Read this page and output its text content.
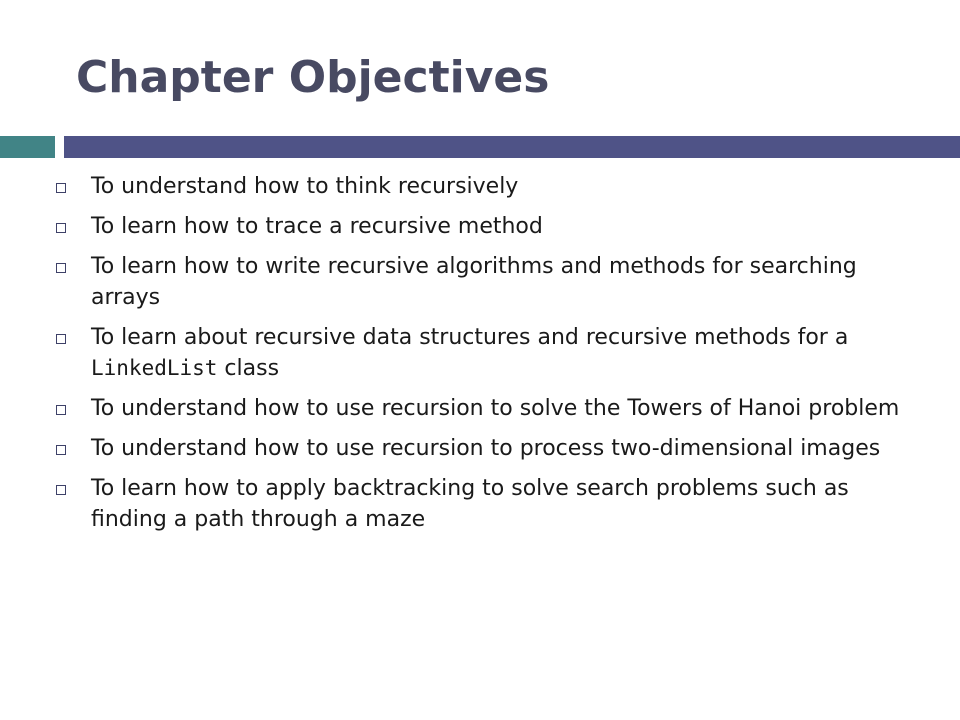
Chapter Objectives
To understand how to think recursively
To learn how to trace a recursive method
To learn how to write recursive algorithms and methods for searching arrays
To learn about recursive data structures and recursive methods for a LinkedList class
To understand how to use recursion to solve the Towers of Hanoi problem
To understand how to use recursion to process two-dimensional images
To learn how to apply backtracking to solve search problems such as finding a path through a maze
